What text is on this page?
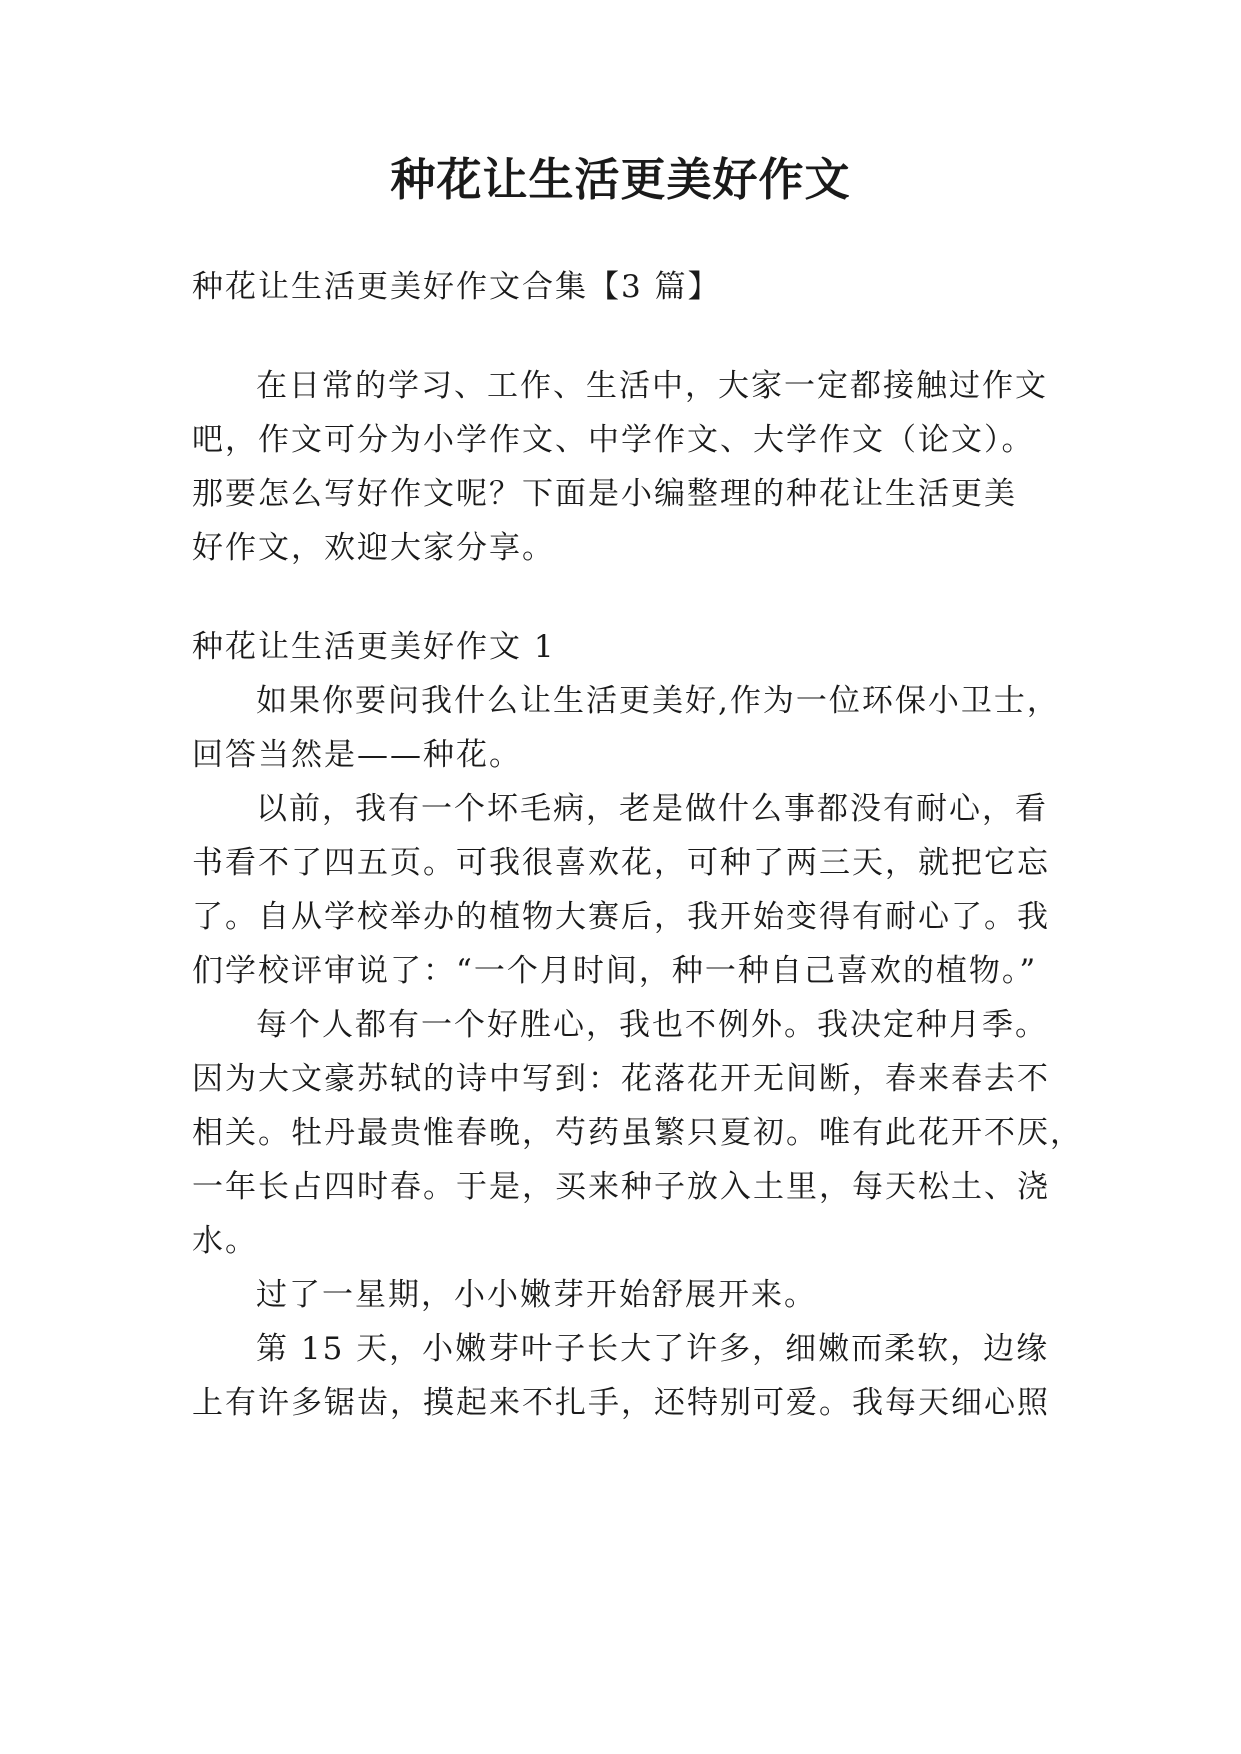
种花让生活更美好作文
种花让生活更美好作文合集【3 篇】
在日常的学习、工作、生活中，大家一定都接触过作文
吧，作文可分为小学作文、中学作文、大学作文（论文）。
那要怎么写好作文呢？下面是小编整理的种花让生活更美
好作文，欢迎大家分享。
种花让生活更美好作文 1
如果你要问我什么让生活更美好,作为一位环保小卫士，
回答当然是——种花。
以前，我有一个坏毛病，老是做什么事都没有耐心，看
书看不了四五页。可我很喜欢花，可种了两三天，就把它忘
了。自从学校举办的植物大赛后，我开始变得有耐心了。我
们学校评审说了：“一个月时间，种一种自己喜欢的植物。”
每个人都有一个好胜心，我也不例外。我决定种月季。
因为大文豪苏轼的诗中写到：花落花开无间断，春来春去不
相关。牡丹最贵惟春晚，芍药虽繁只夏初。唯有此花开不厌，
一年长占四时春。于是，买来种子放入土里，每天松土、浇
水。
过了一星期，小小嫩芽开始舒展开来。
第 15 天，小嫩芽叶子长大了许多，细嫩而柔软，边缘
上有许多锯齿，摸起来不扎手，还特别可爱。我每天细心照
